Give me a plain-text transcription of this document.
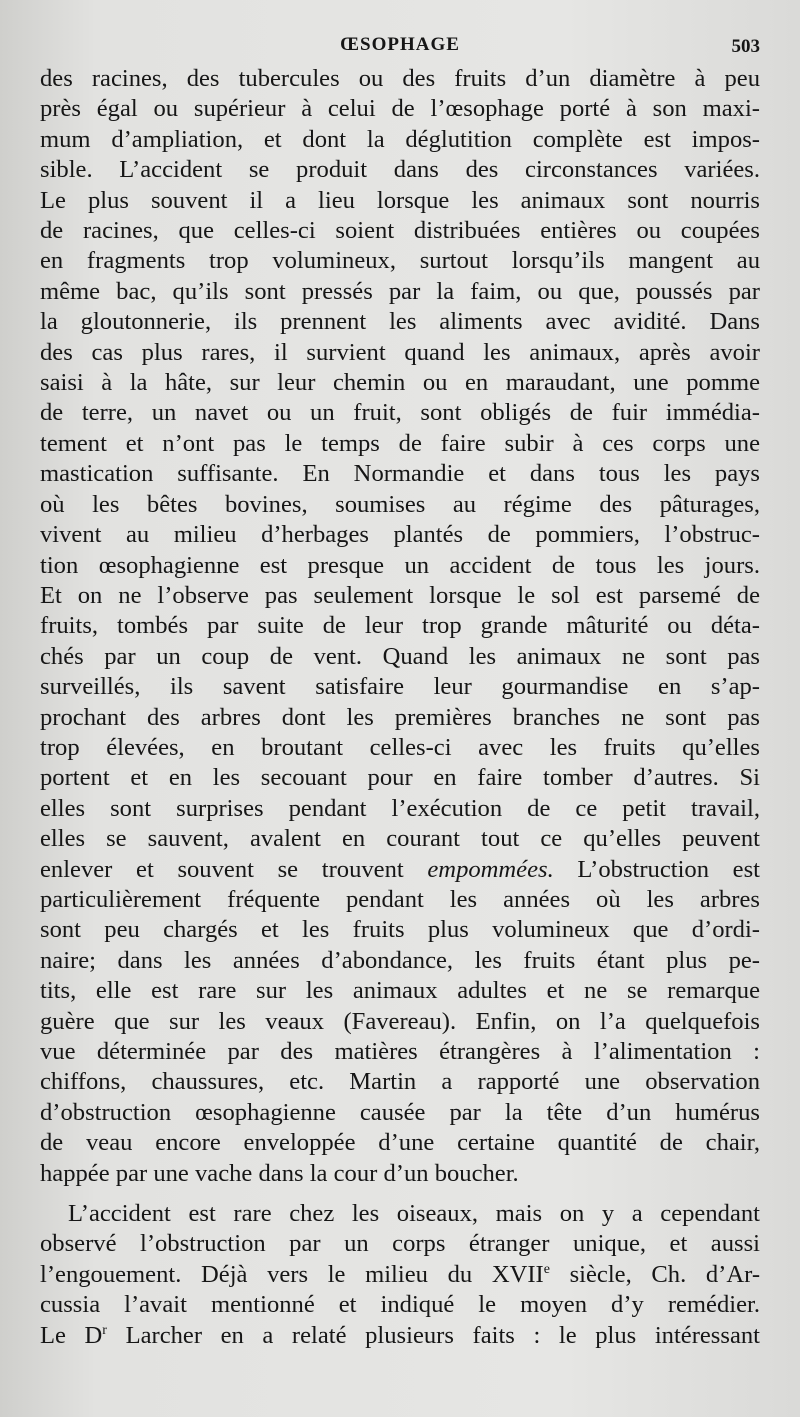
ŒSOPHAGE	503
des racines, des tubercules ou des fruits d’un diamètre à peu
près égal ou supérieur à celui de l’œsophage porté à son maxi-
mum d’ampliation, et dont la déglutition complète est impos-
sible. L’accident se produit dans des circonstances variées.
Le plus souvent il a lieu lorsque les animaux sont nourris
de racines, que celles-ci soient distribuées entières ou coupées
en fragments trop volumineux, surtout lorsqu’ils mangent au
même bac, qu’ils sont pressés par la faim, ou que, poussés par
la gloutonnerie, ils prennent les aliments avec avidité. Dans
des cas plus rares, il survient quand les animaux, après avoir
saisi à la hâte, sur leur chemin ou en maraudant, une pomme
de terre, un navet ou un fruit, sont obligés de fuir immédia-
tement et n’ont pas le temps de faire subir à ces corps une
mastication suffisante. En Normandie et dans tous les pays
où les bêtes bovines, soumises au régime des pâturages,
vivent au milieu d’herbages plantés de pommiers, l’obstruc-
tion œsophagienne est presque un accident de tous les jours.
Et on ne l’observe pas seulement lorsque le sol est parsemé de
fruits, tombés par suite de leur trop grande mâturité ou déta-
chés par un coup de vent. Quand les animaux ne sont pas
surveillés, ils savent satisfaire leur gourmandise en s’ap-
prochant des arbres dont les premières branches ne sont pas
trop élevées, en broutant celles-ci avec les fruits qu’elles
portent et en les secouant pour en faire tomber d’autres. Si
elles sont surprises pendant l’exécution de ce petit travail,
elles se sauvent, avalent en courant tout ce qu’elles peuvent
enlever et souvent se trouvent empommées. L’obstruction est
particulièrement fréquente pendant les années où les arbres
sont peu chargés et les fruits plus volumineux que d’ordi-
naire; dans les années d’abondance, les fruits étant plus pe-
tits, elle est rare sur les animaux adultes et ne se remarque
guère que sur les veaux (Favereau). Enfin, on l’a quelquefois
vue déterminée par des matières étrangères à l’alimentation :
chiffons, chaussures, etc. Martin a rapporté une observation
d’obstruction œsophagienne causée par la tête d’un humérus
de veau encore enveloppée d’une certaine quantité de chair,
happée par une vache dans la cour d’un boucher.
L’accident est rare chez les oiseaux, mais on y a cependant
observé l’obstruction par un corps étranger unique, et aussi
l’engouement. Déjà vers le milieu du XVIIe siècle, Ch. d’Ar-
cussia l’avait mentionné et indiqué le moyen d’y remédier.
Le $D^r$ Larcher en a relaté plusieurs faits : le plus intéressant
